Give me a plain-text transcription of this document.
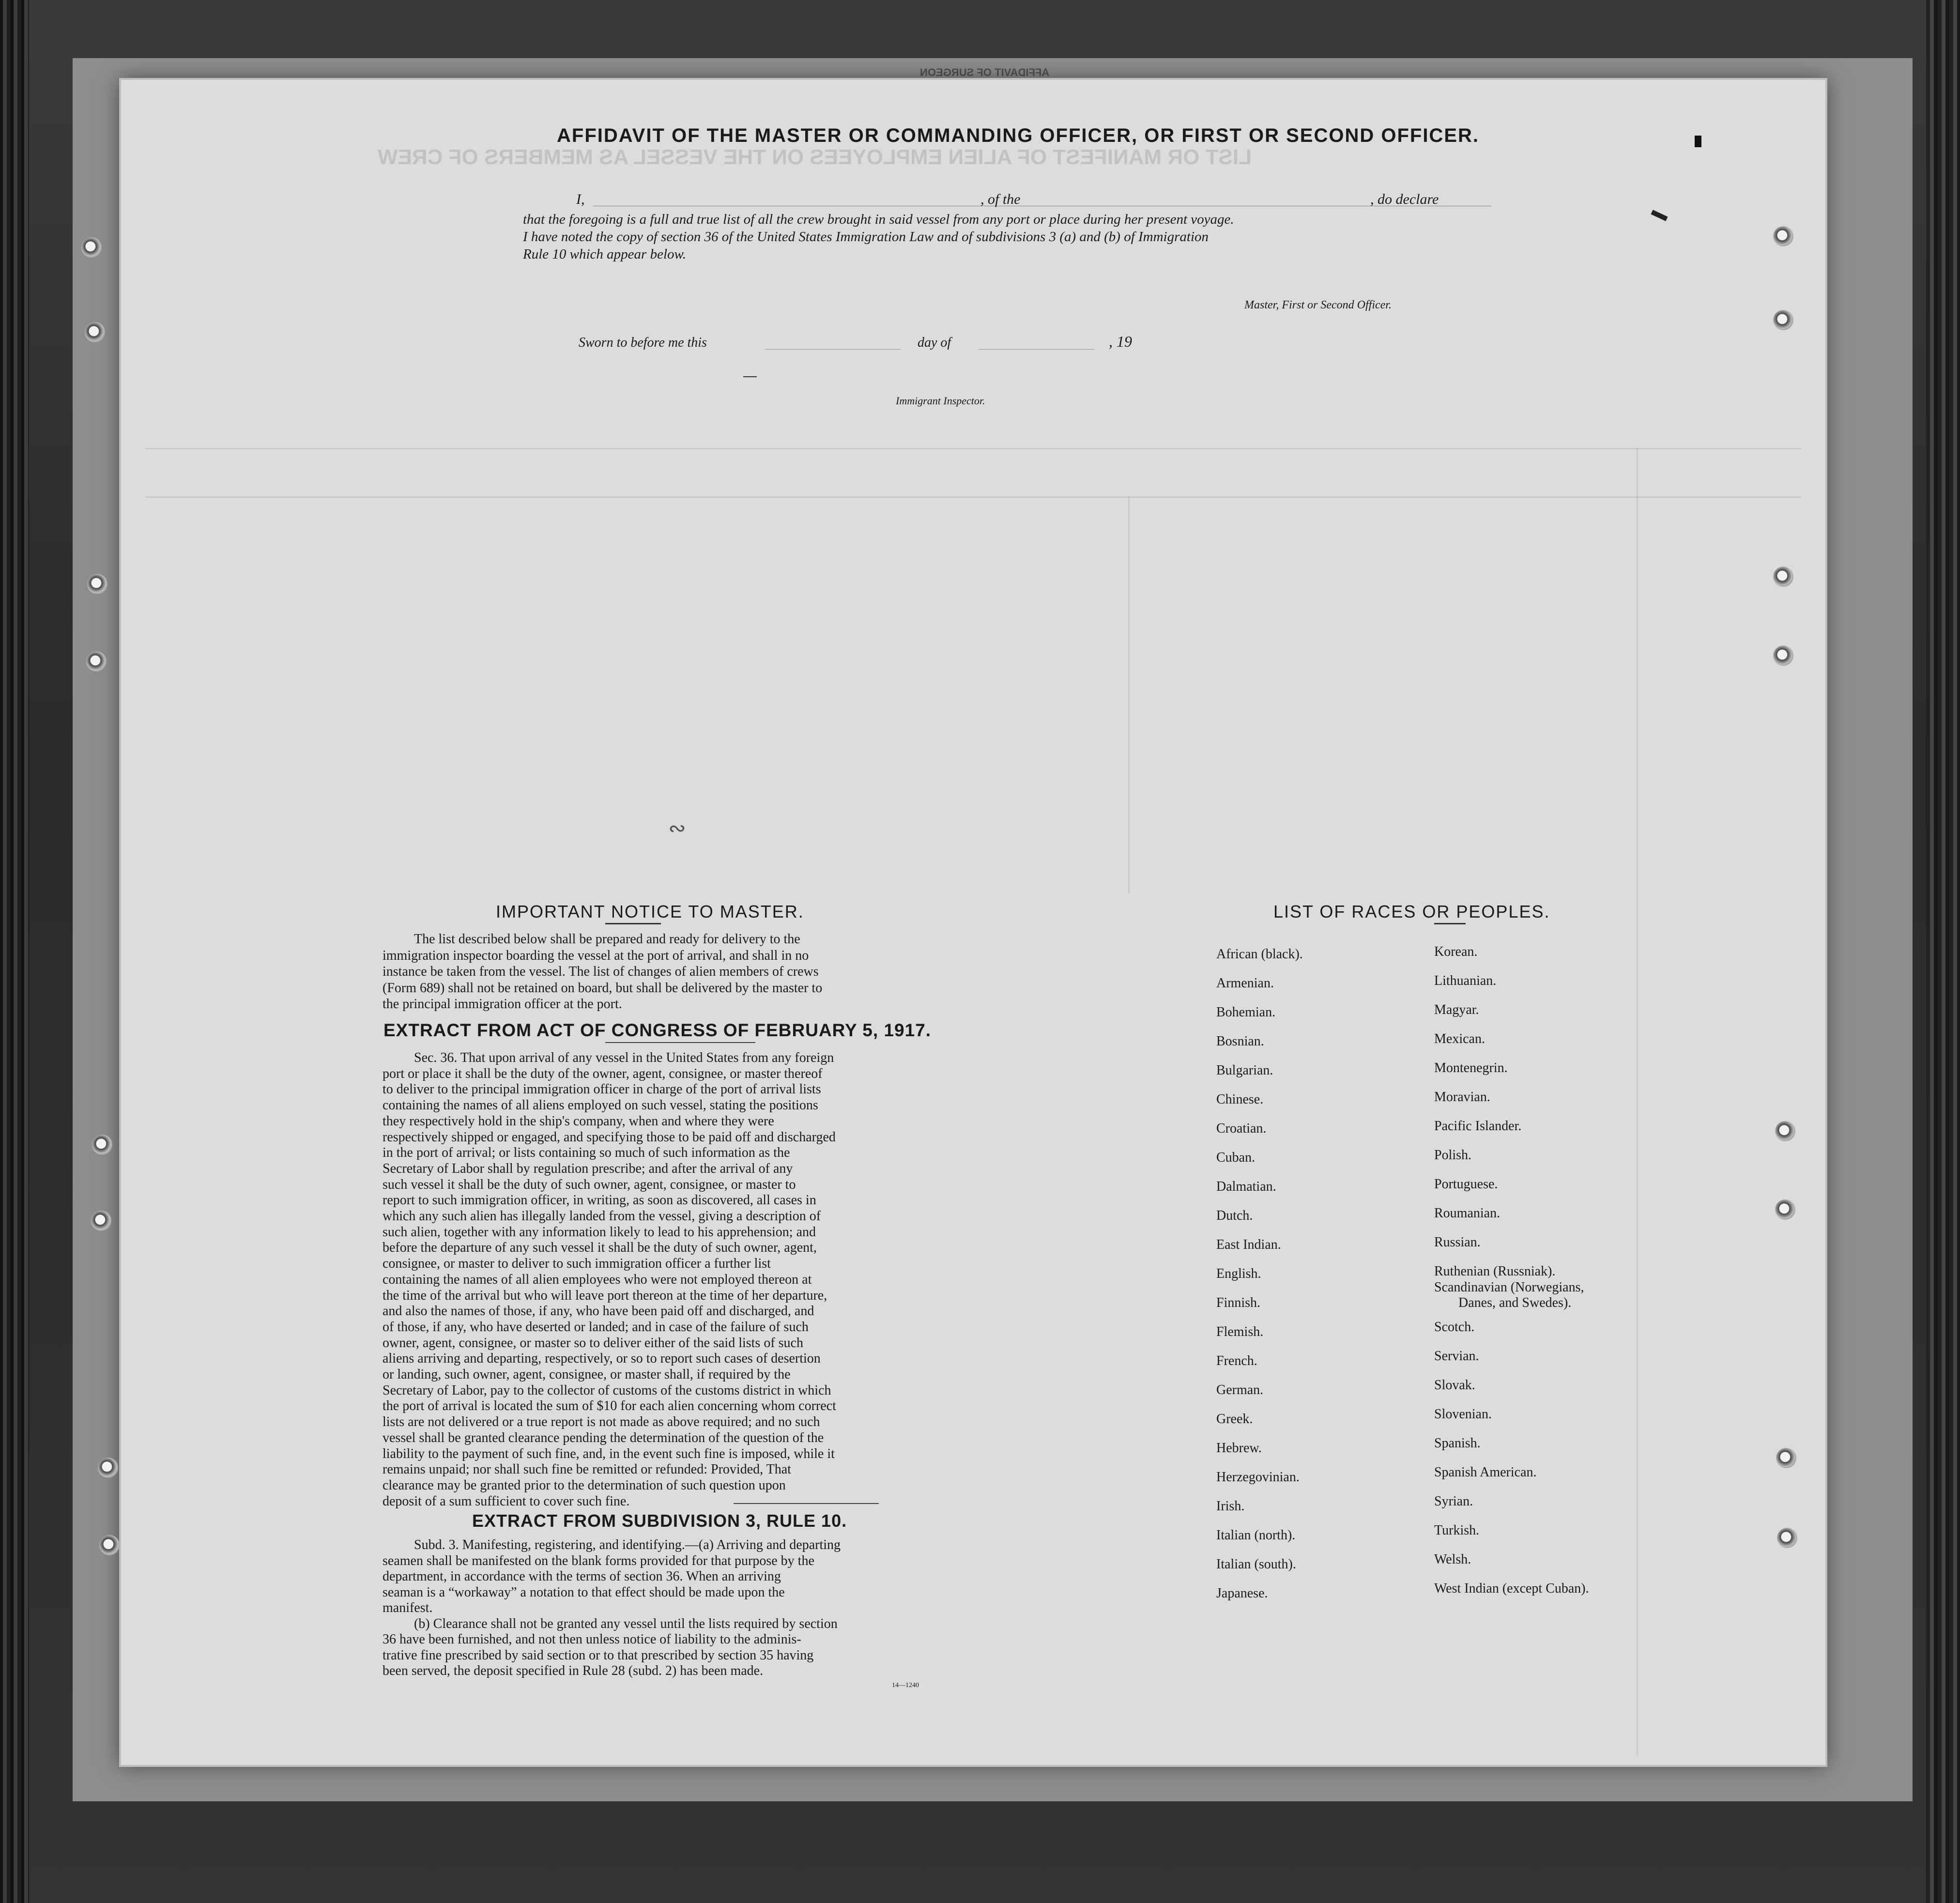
LIST OR MANIFEST OF ALIEN EMPLOYEES ON THE VESSEL AS MEMBERS OF CREW
AFFIDAVIT OF SURGEON
AFFIDAVIT OF THE MASTER OR COMMANDING OFFICER, OR FIRST OR SECOND OFFICER.
I,	, of the	, do declare
that the foregoing is a full and true list of all the crew brought in said vessel from any port or place during her present voyage.
I have noted the copy of section 36 of the United States Immigration Law and of subdivisions 3 (a) and (b) of Immigration
Rule 10 which appear below.
Master, First or Second Officer.
Sworn to before me this	day of	, 19
Immigrant Inspector.
IMPORTANT NOTICE TO MASTER.
The list described below shall be prepared and ready for delivery to the
immigration inspector boarding the vessel at the port of arrival, and shall in no
instance be taken from the vessel. The list of changes of alien members of crews
(Form 689) shall not be retained on board, but shall be delivered by the master to
the principal immigration officer at the port.
EXTRACT FROM ACT OF CONGRESS OF FEBRUARY 5, 1917.
Sec. 36. That upon arrival of any vessel in the United States from any foreign
port or place it shall be the duty of the owner, agent, consignee, or master thereof
to deliver to the principal immigration officer in charge of the port of arrival lists
containing the names of all aliens employed on such vessel, stating the positions
they respectively hold in the ship's company, when and where they were
respectively shipped or engaged, and specifying those to be paid off and discharged
in the port of arrival; or lists containing so much of such information as the
Secretary of Labor shall by regulation prescribe; and after the arrival of any
such vessel it shall be the duty of such owner, agent, consignee, or master to
report to such immigration officer, in writing, as soon as discovered, all cases in
which any such alien has illegally landed from the vessel, giving a description of
such alien, together with any information likely to lead to his apprehension; and
before the departure of any such vessel it shall be the duty of such owner, agent,
consignee, or master to deliver to such immigration officer a further list
containing the names of all alien employees who were not employed thereon at
the time of the arrival but who will leave port thereon at the time of her departure,
and also the names of those, if any, who have been paid off and discharged, and
of those, if any, who have deserted or landed; and in case of the failure of such
owner, agent, consignee, or master so to deliver either of the said lists of such
aliens arriving and departing, respectively, or so to report such cases of desertion
or landing, such owner, agent, consignee, or master shall, if required by the
Secretary of Labor, pay to the collector of customs of the customs district in which
the port of arrival is located the sum of $10 for each alien concerning whom correct
lists are not delivered or a true report is not made as above required; and no such
vessel shall be granted clearance pending the determination of the question of the
liability to the payment of such fine, and, in the event such fine is imposed, while it
remains unpaid; nor shall such fine be remitted or refunded: Provided, That
clearance may be granted prior to the determination of such question upon
deposit of a sum sufficient to cover such fine.
EXTRACT FROM SUBDIVISION 3, RULE 10.
Subd. 3. Manifesting, registering, and identifying.—(a) Arriving and departing
seamen shall be manifested on the blank forms provided for that purpose by the
department, in accordance with the terms of section 36. When an arriving
seaman is a “workaway” a notation to that effect should be made upon the
manifest.
(b) Clearance shall not be granted any vessel until the lists required by section
36 have been furnished, and not then unless notice of liability to the adminis-
trative fine prescribed by said section or to that prescribed by section 35 having
been served, the deposit specified in Rule 28 (subd. 2) has been made.
14—1240
LIST OF RACES OR PEOPLES.
African (black).
Armenian.
Bohemian.
Bosnian.
Bulgarian.
Chinese.
Croatian.
Cuban.
Dalmatian.
Dutch.
East Indian.
English.
Finnish.
Flemish.
French.
German.
Greek.
Hebrew.
Herzegovinian.
Irish.
Italian (north).
Italian (south).
Japanese.
Korean.
Lithuanian.
Magyar.
Mexican.
Montenegrin.
Moravian.
Pacific Islander.
Polish.
Portuguese.
Roumanian.
Russian.
Ruthenian (Russniak).
Scandinavian (Norwegians,
Danes, and Swedes).
Scotch.
Servian.
Slovak.
Slovenian.
Spanish.
Spanish American.
Syrian.
Turkish.
Welsh.
West Indian (except Cuban).
∾
